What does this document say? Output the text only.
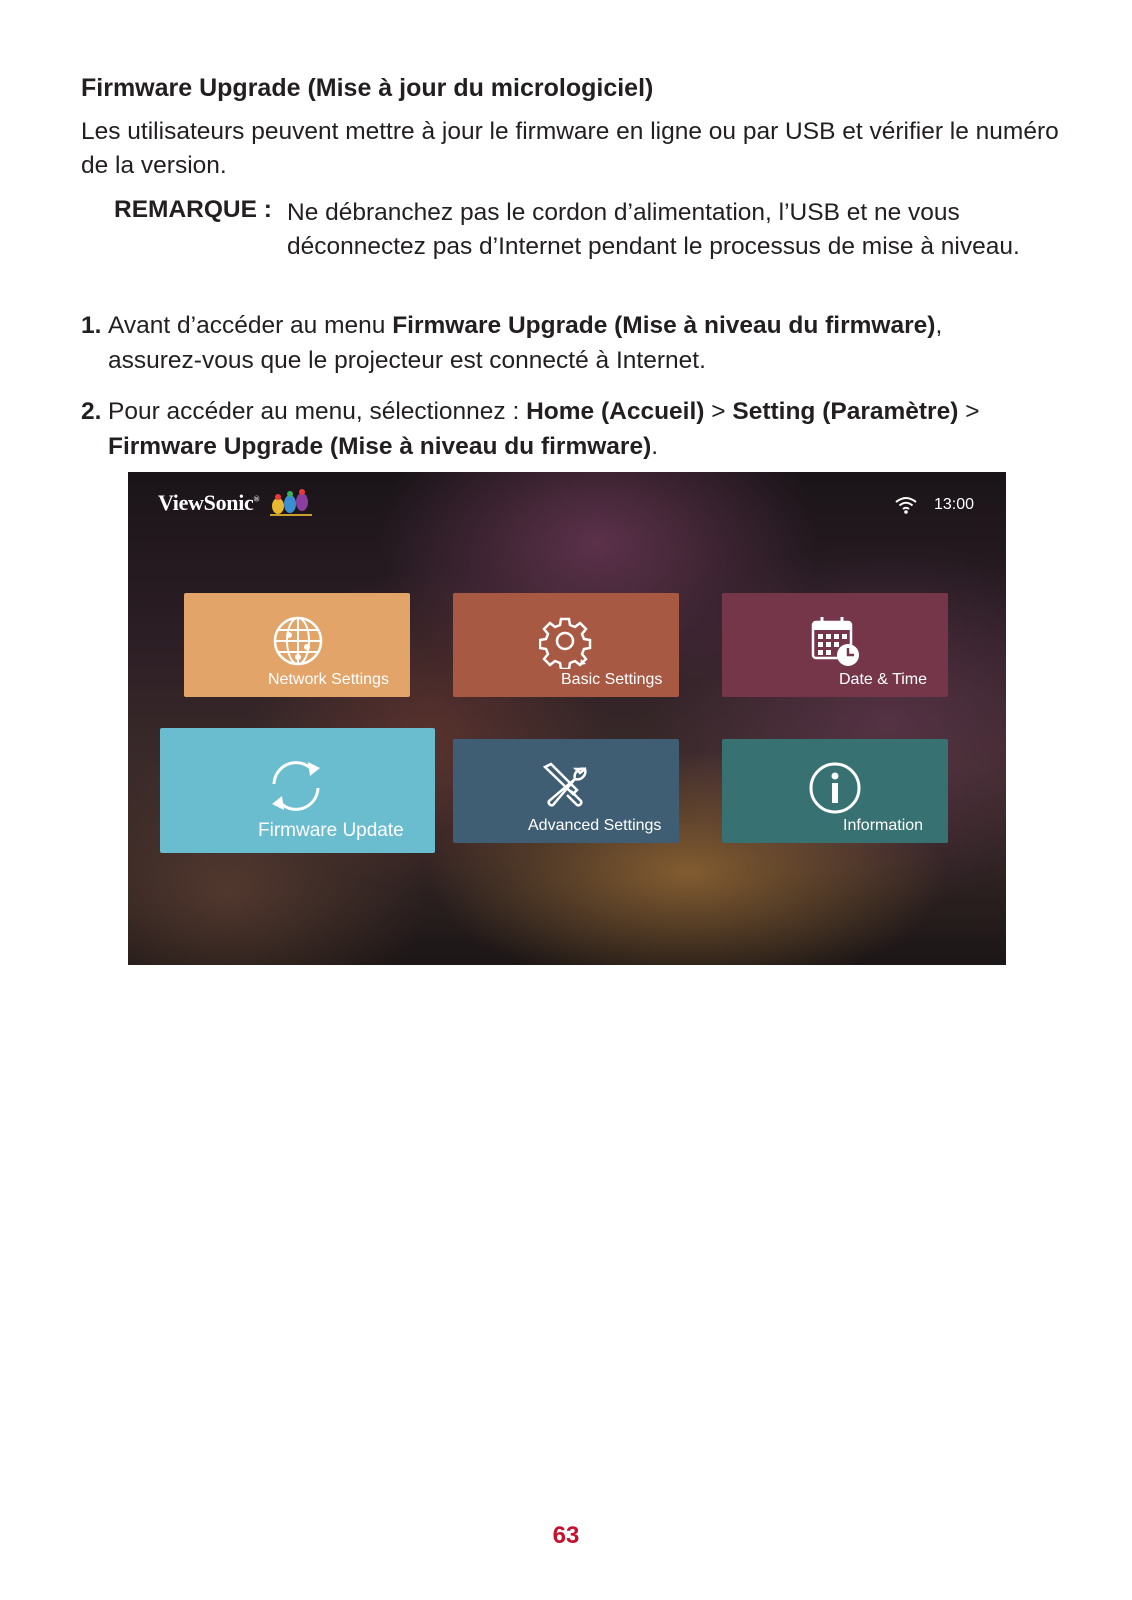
Firmware Upgrade (Mise à jour du micrologiciel)

Les utilisateurs peuvent mettre à jour le firmware en ligne ou par USB et vérifier le numéro de la version.

REMARQUE : Ne débranchez pas le cordon d’alimentation, l’USB et ne vous déconnectez pas d’Internet pendant le processus de mise à niveau.
1. Avant d’accéder au menu Firmware Upgrade (Mise à niveau du firmware),
assurez-vous que le projecteur est connecté à Internet.
2. Pour accéder au menu, sélectionnez : Home (Accueil) > Setting (Paramètre) >
Firmware Upgrade (Mise à niveau du firmware).
ViewSonic®	13:00
Network Settings	Basic Settings	Date & Time
Firmware Update	Advanced Settings	Information
63
